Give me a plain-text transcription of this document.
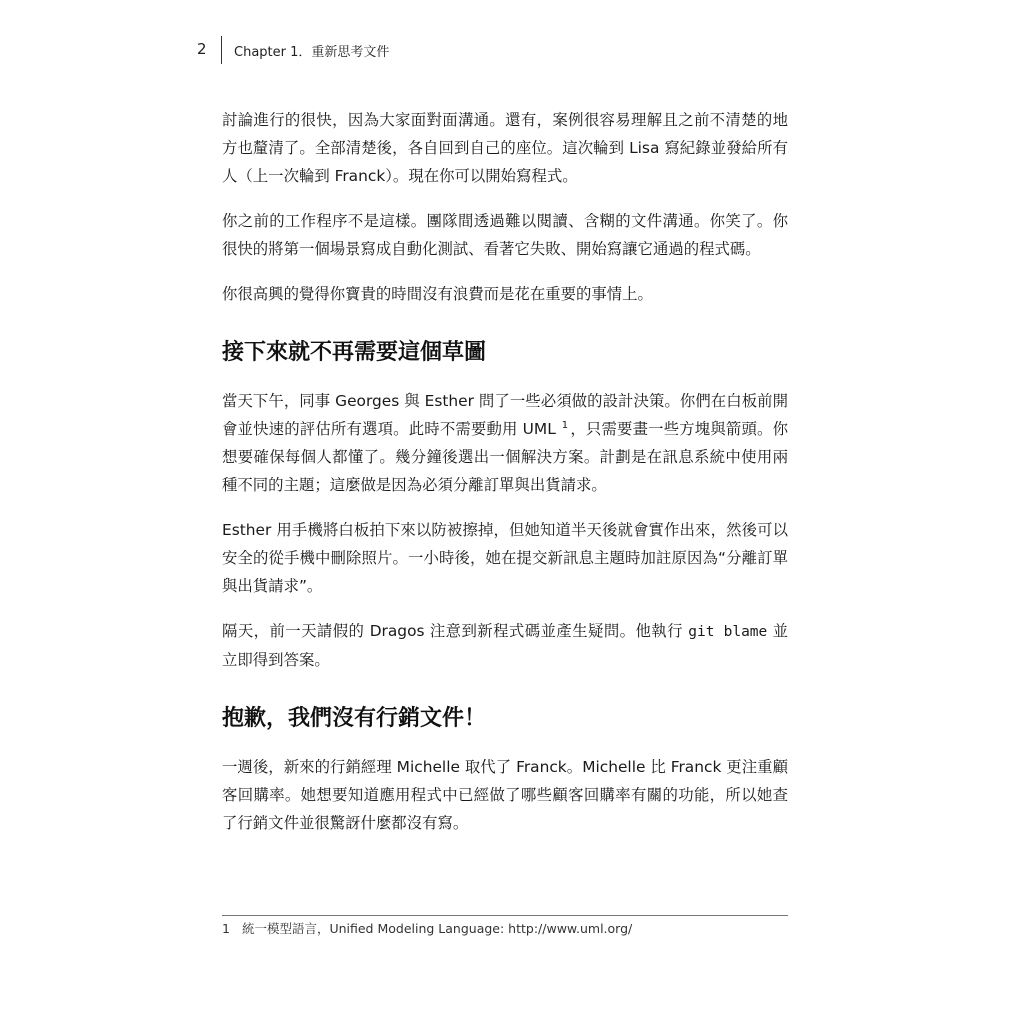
2 Chapter 1．重新思考文件

討論進行的很快，因為大家面對面溝通。還有，案例很容易理解且之前不清楚的地方也釐清了。全部清楚後，各自回到自己的座位。這次輪到 Lisa 寫紀錄並發給所有人（上一次輪到 Franck）。現在你可以開始寫程式。

你之前的工作程序不是這樣。團隊間透過難以閱讀、含糊的文件溝通。你笑了。你很快的將第一個場景寫成自動化測試、看著它失敗、開始寫讓它通過的程式碼。

你很高興的覺得你寶貴的時間沒有浪費而是花在重要的事情上。

接下來就不再需要這個草圖

當天下午，同事 Georges 與 Esther 問了一些必須做的設計決策。你們在白板前開會並快速的評估所有選項。此時不需要動用 UML $^1$ ，只需要畫一些方塊與箭頭。你想要確保每個人都懂了。幾分鐘後選出一個解決方案。計劃是在訊息系統中使用兩種不同的主題；這麼做是因為必須分離訂單與出貨請求。

Esther 用手機將白板拍下來以防被擦掉，但她知道半天後就會實作出來，然後可以安全的從手機中刪除照片。一小時後，她在提交新訊息主題時加註原因為“分離訂單與出貨請求”。

隔天，前一天請假的 Dragos 注意到新程式碼並產生疑問。他執行 git blame 並立即得到答案。

抱歉，我們沒有行銷文件！

一週後，新來的行銷經理 Michelle 取代了 Franck。Michelle 比 Franck 更注重顧客回購率。她想要知道應用程式中已經做了哪些顧客回購率有關的功能，所以她查了行銷文件並很驚訝什麼都沒有寫。

1 統一模型語言，Unified Modeling Language: http://www.uml.org/
